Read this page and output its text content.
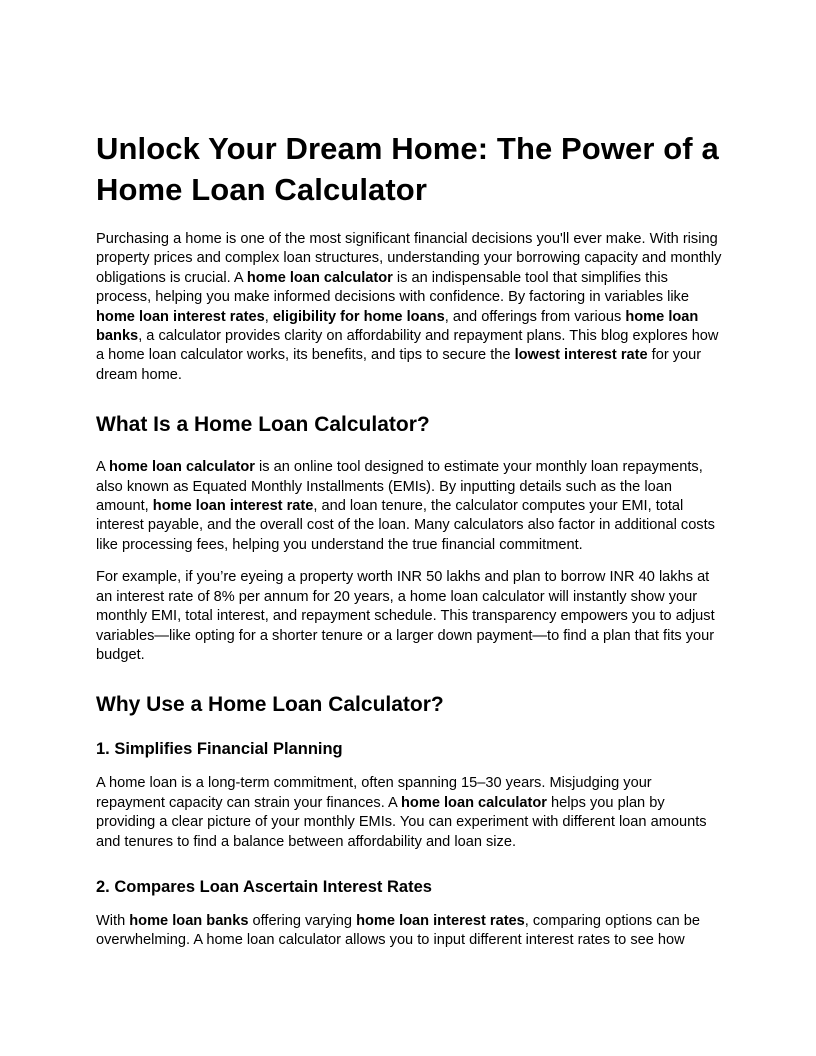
Unlock Your Dream Home: The Power of a Home Loan Calculator

Purchasing a home is one of the most significant financial decisions you'll ever make. With rising property prices and complex loan structures, understanding your borrowing capacity and monthly obligations is crucial. A home loan calculator is an indispensable tool that simplifies this process, helping you make informed decisions with confidence. By factoring in variables like home loan interest rates, eligibility for home loans, and offerings from various home loan banks, a calculator provides clarity on affordability and repayment plans. This blog explores how a home loan calculator works, its benefits, and tips to secure the lowest interest rate for your dream home.

What Is a Home Loan Calculator?

A home loan calculator is an online tool designed to estimate your monthly loan repayments, also known as Equated Monthly Installments (EMIs). By inputting details such as the loan amount, home loan interest rate, and loan tenure, the calculator computes your EMI, total interest payable, and the overall cost of the loan. Many calculators also factor in additional costs like processing fees, helping you understand the true financial commitment.

For example, if you’re eyeing a property worth INR 50 lakhs and plan to borrow INR 40 lakhs at an interest rate of 8% per annum for 20 years, a home loan calculator will instantly show your monthly EMI, total interest, and repayment schedule. This transparency empowers you to adjust variables—like opting for a shorter tenure or a larger down payment—to find a plan that fits your budget.

Why Use a Home Loan Calculator?
1. Simplifies Financial Planning

A home loan is a long-term commitment, often spanning 15–30 years. Misjudging your repayment capacity can strain your finances. A home loan calculator helps you plan by providing a clear picture of your monthly EMIs. You can experiment with different loan amounts and tenures to find a balance between affordability and loan size.

2. Compares Loan Ascertain Interest Rates

With home loan banks offering varying home loan interest rates, comparing options can be overwhelming. A home loan calculator allows you to input different interest rates to see how
